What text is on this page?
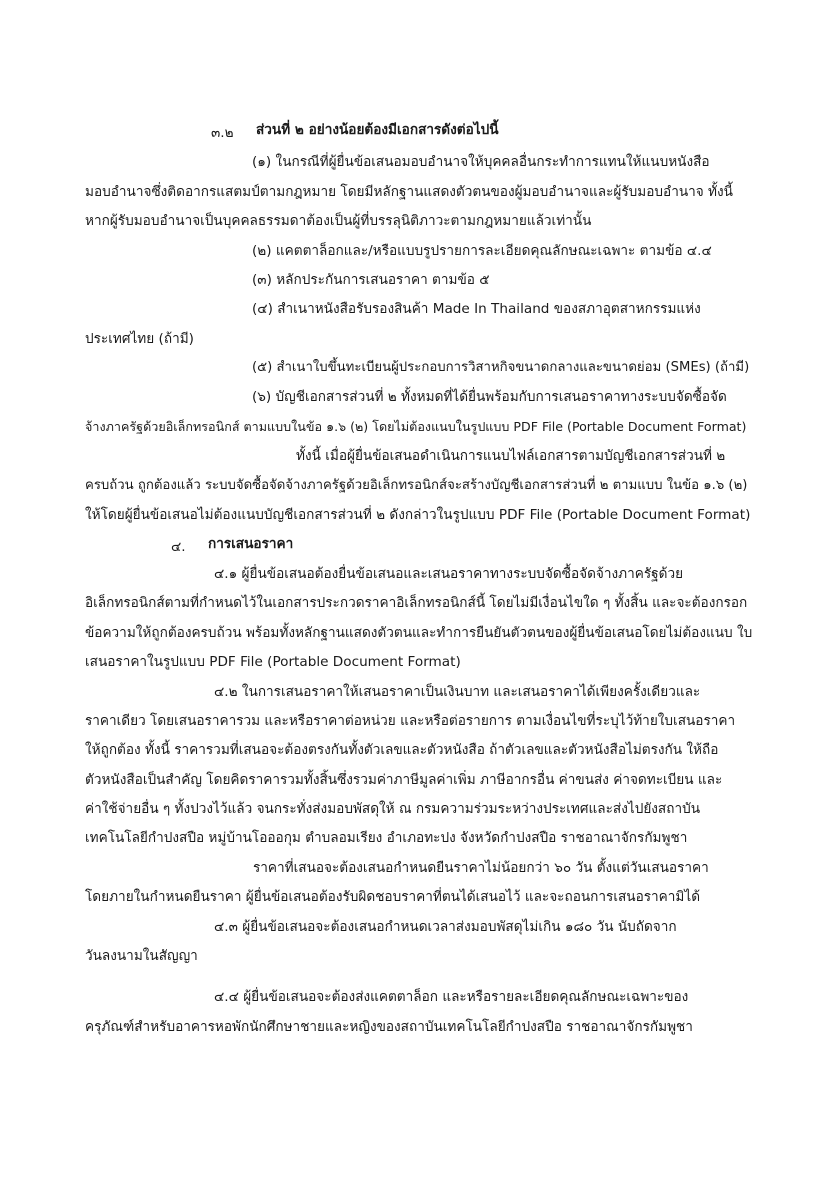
๓.๒ ส่วนที่ ๒ อย่างน้อยต้องมีเอกสารดังต่อไปนี้
(๑) ในกรณีที่ผู้ยื่นข้อเสนอมอบอำนาจให้บุคคลอื่นกระทำการแทนให้แนบหนังสือ
มอบอำนาจซึ่งติดอากรแสตมป์ตามกฎหมาย โดยมีหลักฐานแสดงตัวตนของผู้มอบอำนาจและผู้รับมอบอำนาจ ทั้งนี้
หากผู้รับมอบอำนาจเป็นบุคคลธรรมดาต้องเป็นผู้ที่บรรลุนิติภาวะตามกฎหมายแล้วเท่านั้น
(๒) แคตตาล็อกและ/หรือแบบรูปรายการละเอียดคุณลักษณะเฉพาะ ตามข้อ ๔.๔
(๓) หลักประกันการเสนอราคา ตามข้อ ๕
(๔) สำเนาหนังสือรับรองสินค้า Made In Thailand ของสภาอุตสาหกรรมแห่ง
ประเทศไทย (ถ้ามี)
(๕) สำเนาใบขึ้นทะเบียนผู้ประกอบการวิสาหกิจขนาดกลางและขนาดย่อม (SMEs) (ถ้ามี)
(๖) บัญชีเอกสารส่วนที่ ๒ ทั้งหมดที่ได้ยื่นพร้อมกับการเสนอราคาทางระบบจัดซื้อจัด
จ้างภาครัฐด้วยอิเล็กทรอนิกส์ ตามแบบในข้อ ๑.๖ (๒) โดยไม่ต้องแนบในรูปแบบ PDF File (Portable Document Format)
ทั้งนี้ เมื่อผู้ยื่นข้อเสนอดำเนินการแนบไฟล์เอกสารตามบัญชีเอกสารส่วนที่ ๒
ครบถ้วน ถูกต้องแล้ว ระบบจัดซื้อจัดจ้างภาครัฐด้วยอิเล็กทรอนิกส์จะสร้างบัญชีเอกสารส่วนที่ ๒ ตามแบบ ในข้อ ๑.๖ (๒)
ให้โดยผู้ยื่นข้อเสนอไม่ต้องแนบบัญชีเอกสารส่วนที่ ๒ ดังกล่าวในรูปแบบ PDF File (Portable Document Format)
๔. การเสนอราคา
๔.๑ ผู้ยื่นข้อเสนอต้องยื่นข้อเสนอและเสนอราคาทางระบบจัดซื้อจัดจ้างภาครัฐด้วย
อิเล็กทรอนิกส์ตามที่กำหนดไว้ในเอกสารประกวดราคาอิเล็กทรอนิกส์นี้ โดยไม่มีเงื่อนไขใด ๆ ทั้งสิ้น และจะต้องกรอก
ข้อความให้ถูกต้องครบถ้วน พร้อมทั้งหลักฐานแสดงตัวตนและทำการยืนยันตัวตนของผู้ยื่นข้อเสนอโดยไม่ต้องแนบ ใบ
เสนอราคาในรูปแบบ PDF File (Portable Document Format)
๔.๒ ในการเสนอราคาให้เสนอราคาเป็นเงินบาท และเสนอราคาได้เพียงครั้งเดียวและ
ราคาเดียว โดยเสนอราคารวม และหรือราคาต่อหน่วย และหรือต่อรายการ ตามเงื่อนไขที่ระบุไว้ท้ายใบเสนอราคา
ให้ถูกต้อง ทั้งนี้ ราคารวมที่เสนอจะต้องตรงกันทั้งตัวเลขและตัวหนังสือ ถ้าตัวเลขและตัวหนังสือไม่ตรงกัน ให้ถือ
ตัวหนังสือเป็นสำคัญ โดยคิดราคารวมทั้งสิ้นซึ่งรวมค่าภาษีมูลค่าเพิ่ม ภาษีอากรอื่น ค่าขนส่ง ค่าจดทะเบียน และ
ค่าใช้จ่ายอื่น ๆ ทั้งปวงไว้แล้ว จนกระทั่งส่งมอบพัสดุให้ ณ กรมความร่วมระหว่างประเทศและส่งไปยังสถาบัน
เทคโนโลยีกำปงสปือ หมู่บ้านโอออกุม ตำบลอมเรียง อำเภอทะปง จังหวัดกำปงสปือ ราชอาณาจักรกัมพูชา
ราคาที่เสนอจะต้องเสนอกำหนดยืนราคาไม่น้อยกว่า ๖๐ วัน ตั้งแต่วันเสนอราคา
โดยภายในกำหนดยืนราคา ผู้ยื่นข้อเสนอต้องรับผิดชอบราคาที่ตนได้เสนอไว้ และจะถอนการเสนอราคามิได้
๔.๓ ผู้ยื่นข้อเสนอจะต้องเสนอกำหนดเวลาส่งมอบพัสดุไม่เกิน ๑๘๐ วัน นับถัดจาก
วันลงนามในสัญญา
๔.๔ ผู้ยื่นข้อเสนอจะต้องส่งแคตตาล็อก และหรือรายละเอียดคุณลักษณะเฉพาะของ
ครุภัณฑ์สำหรับอาคารหอพักนักศึกษาชายและหญิงของสถาบันเทคโนโลยีกำปงสปือ ราชอาณาจักรกัมพูชา
